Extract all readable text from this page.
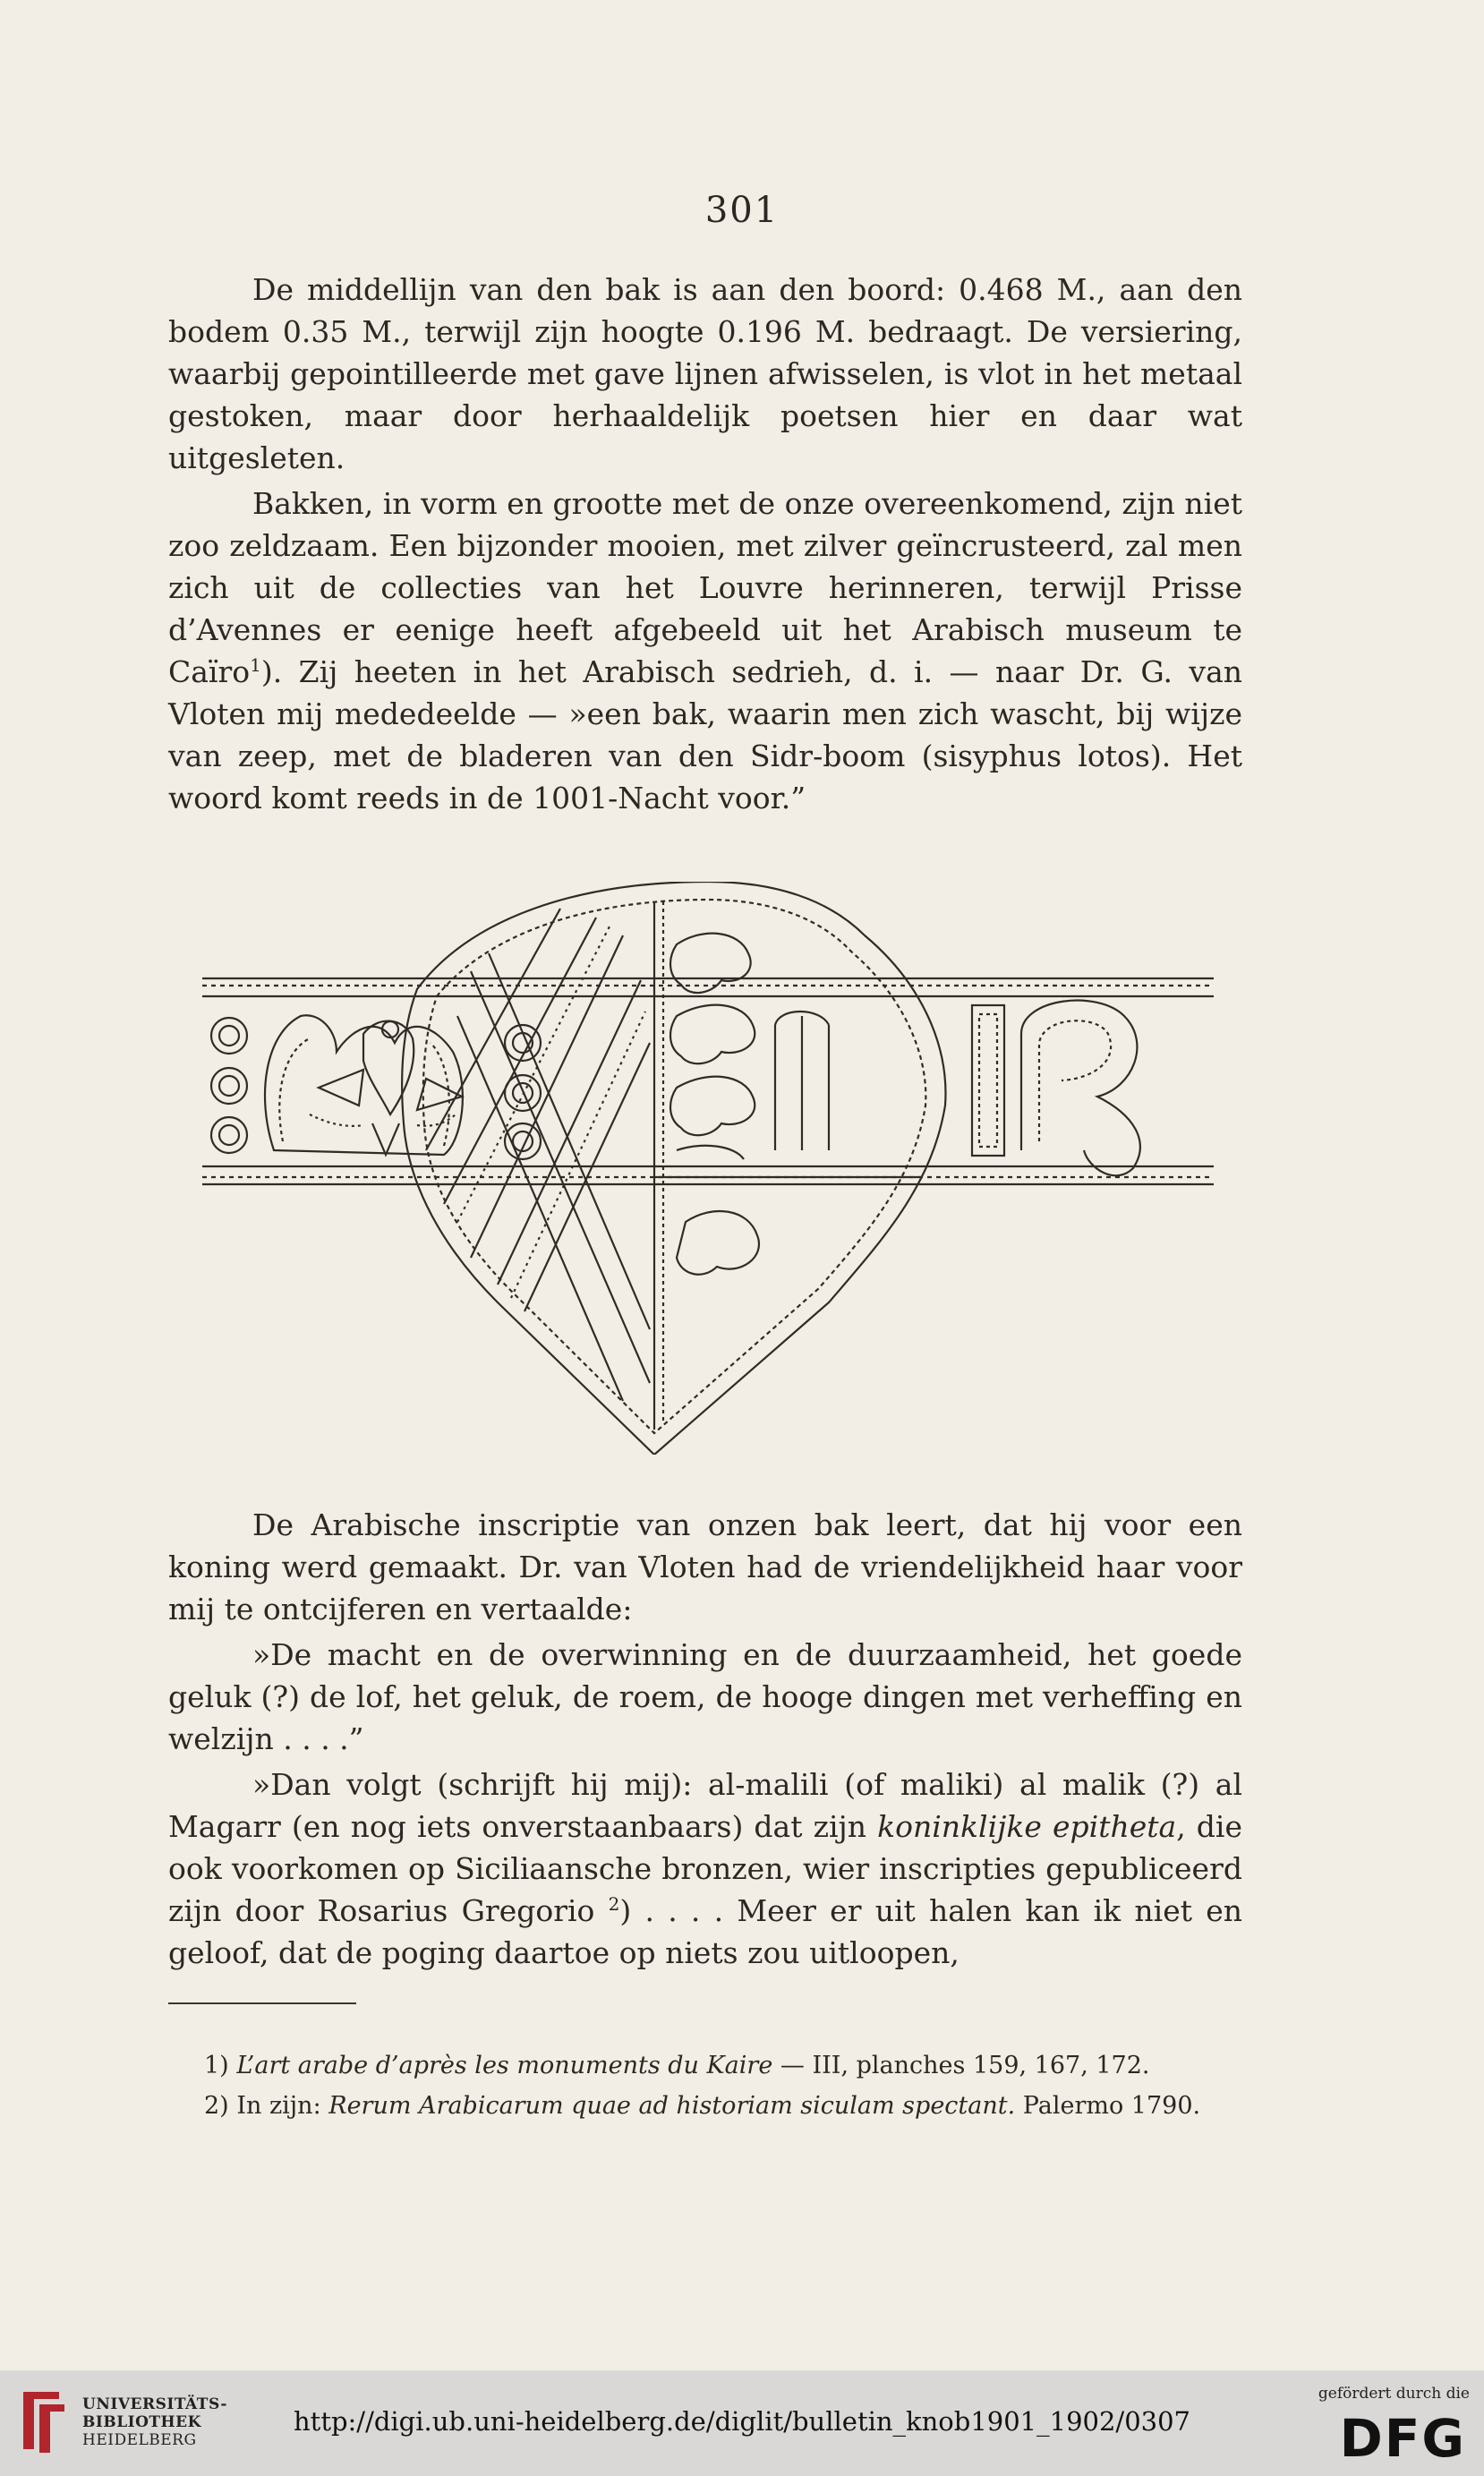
301

De middellijn van den bak is aan den boord: 0.468 M., aan den bodem 0.35 M., terwijl zijn hoogte 0.196 M. bedraagt. De versiering, waarbij gepointilleerde met gave lijnen afwisselen, is vlot in het metaal gestoken, maar door herhaaldelijk poetsen hier en daar wat uitgesleten.

Bakken, in vorm en grootte met de onze overeenkomend, zijn niet zoo zeldzaam. Een bijzonder mooien, met zilver geïncrusteerd, zal men zich uit de collecties van het Louvre herinneren, terwijl Prisse d’Avennes er eenige heeft afgebeeld uit het Arabisch museum te Caïro$^1$). Zij heeten in het Arabisch sedrieh, d. i. — naar Dr. G. van Vloten mij mededeelde — »een bak, waarin men zich wascht, bij wijze van zeep, met de bladeren van den Sidr-boom (sisyphus lotos). Het woord komt reeds in de 1001-Nacht voor.”

De Arabische inscriptie van onzen bak leert, dat hij voor een koning werd gemaakt. Dr. van Vloten had de vriendelijkheid haar voor mij te ontcijferen en vertaalde:

»De macht en de overwinning en de duurzaamheid, het goede geluk (?) de lof, het geluk, de roem, de hooge dingen met verheffing en welzijn . . . .”

»Dan volgt (schrijft hij mij): al-malili (of maliki) al malik (?) al Magarr (en nog iets onverstaanbaars) dat zijn koninklijke epitheta, die ook voorkomen op Siciliaansche bronzen, wier inscripties gepubliceerd zijn door Rosarius Gregorio $^2$) . . . . Meer er uit halen kan ik niet en geloof, dat de poging daartoe op niets zou uitloopen,

1) L’art arabe d’après les monuments du Kaire — III, planches 159, 167, 172.

2) In zijn: Rerum Arabicarum quae ad historiam siculam spectant. Palermo 1790.

UNIVERSITÄTS-
BIBLIOTHEK
HEIDELBERG
http://digi.ub.uni-heidelberg.de/diglit/bulletin_knob1901_1902/0307
gefördert durch die
DFG
